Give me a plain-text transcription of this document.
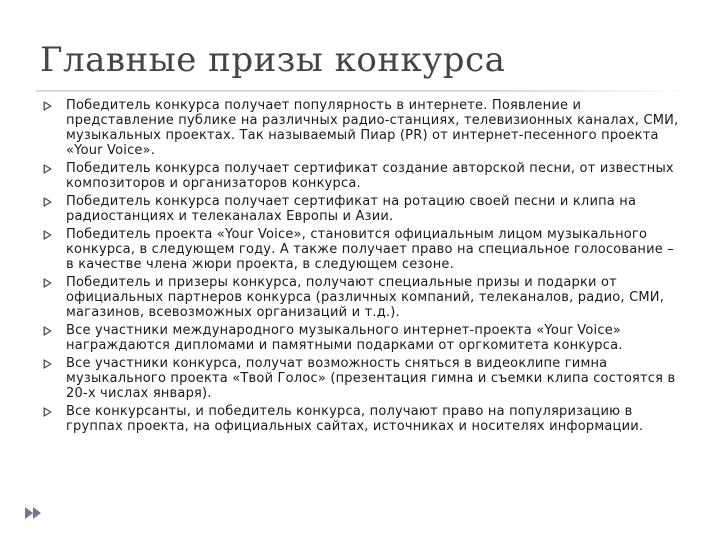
Главные призы конкурса
Победитель конкурса получает популярность в интернете. Появление и представление публике на различных радио-станциях, телевизионных каналах, СМИ, музыкальных проектах. Так называемый Пиар (PR) от интернет-песенного проекта «Your Voice».
Победитель конкурса получает сертификат создание авторской песни, от известных композиторов и организаторов конкурса.
Победитель конкурса получает сертификат на ротацию своей песни и клипа на радиостанциях и телеканалах Европы и Азии.
Победитель проекта «Your Voice», становится официальным лицом музыкального конкурса, в следующем году. А также получает право на специальное голосование – в качестве члена жюри проекта, в следующем сезоне.
Победитель и призеры конкурса, получают специальные призы и подарки от официальных партнеров конкурса (различных компаний, телеканалов, радио, СМИ, магазинов, всевозможных организаций и т.д.).
Все участники международного музыкального интернет-проекта «Your Voice» награждаются дипломами и памятными подарками от оргкомитета конкурса.
Все участники конкурса, получат возможность сняться в видеоклипе гимна музыкального проекта «Твой Голос» (презентация гимна и съемки клипа состоятся в 20-х числах января).
Все конкурсанты, и победитель конкурса, получают право на популяризацию в группах проекта, на официальных сайтах, источниках и носителях информации.
